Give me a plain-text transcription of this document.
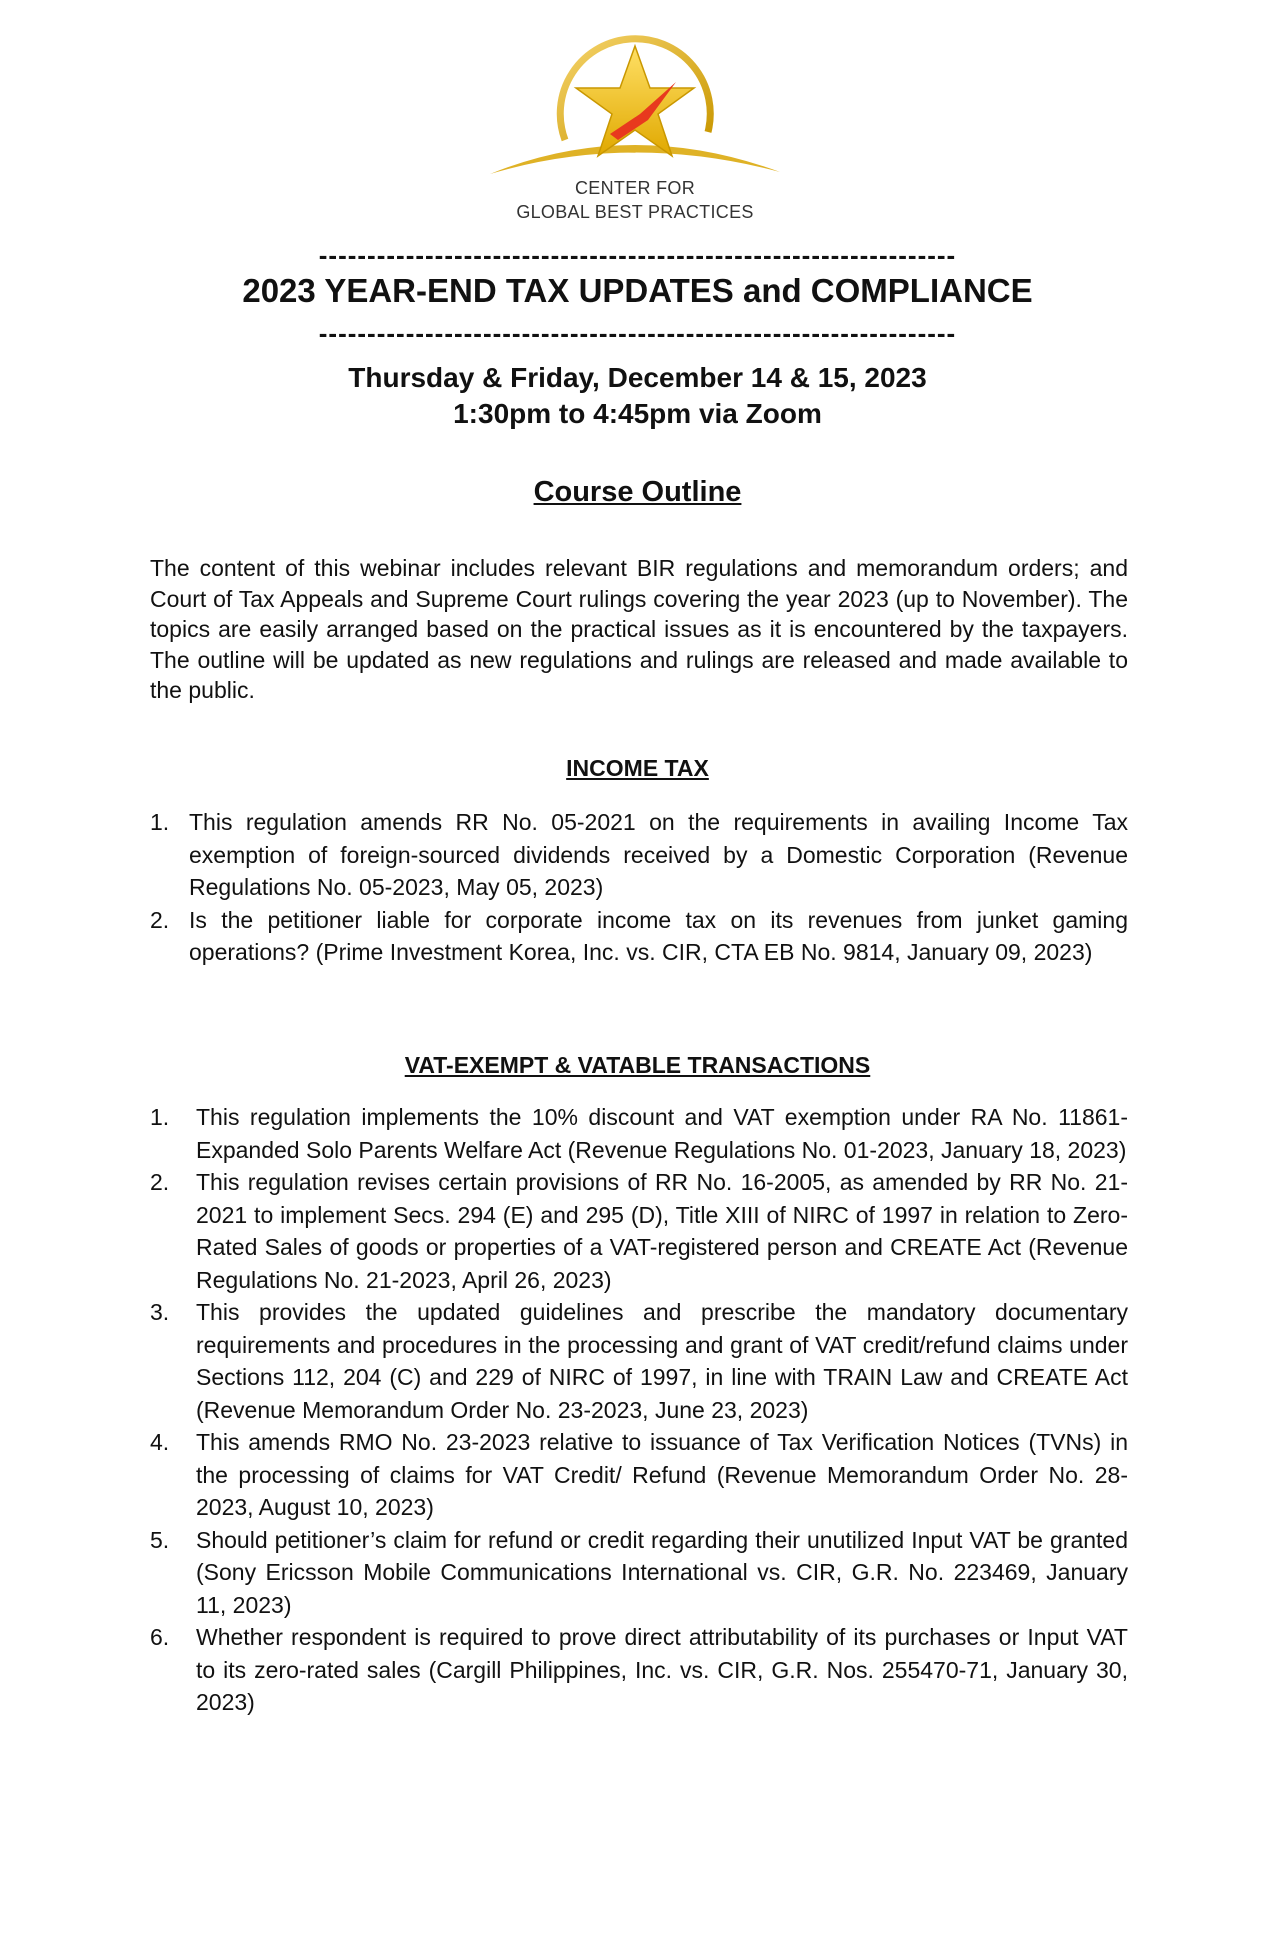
CENTER FOR
GLOBAL BEST PRACTICES
------------------------------------------------------------------
2023 YEAR-END TAX UPDATES and COMPLIANCE
------------------------------------------------------------------
Thursday & Friday, December 14 & 15, 2023
1:30pm to 4:45pm via Zoom
Course Outline

The content of this webinar includes relevant BIR regulations and memorandum orders; and Court of Tax Appeals and Supreme Court rulings covering the year 2023 (up to November). The topics are easily arranged based on the practical issues as it is encountered by the taxpayers. The outline will be updated as new regulations and rulings are released and made available to the public.

INCOME TAX
1. This regulation amends RR No. 05-2021 on the requirements in availing Income Tax exemption of foreign-sourced dividends received by a Domestic Corporation (Revenue Regulations No. 05-2023, May 05, 2023)
2. Is the petitioner liable for corporate income tax on its revenues from junket gaming operations? (Prime Investment Korea, Inc. vs. CIR, CTA EB No. 9814, January 09, 2023)
VAT-EXEMPT & VATABLE TRANSACTIONS
1. This regulation implements the 10% discount and VAT exemption under RA No. 11861-Expanded Solo Parents Welfare Act (Revenue Regulations No. 01-2023, January 18, 2023)
2. This regulation revises certain provisions of RR No. 16-2005, as amended by RR No. 21-2021 to implement Secs. 294 (E) and 295 (D), Title XIII of NIRC of 1997 in relation to Zero-Rated Sales of goods or properties of a VAT-registered person and CREATE Act (Revenue Regulations No. 21-2023, April 26, 2023)
3. This provides the updated guidelines and prescribe the mandatory documentary requirements and procedures in the processing and grant of VAT credit/refund claims under Sections 112, 204 (C) and 229 of NIRC of 1997, in line with TRAIN Law and CREATE Act (Revenue Memorandum Order No. 23-2023, June 23, 2023)
4. This amends RMO No. 23-2023 relative to issuance of Tax Verification Notices (TVNs) in the processing of claims for VAT Credit/ Refund (Revenue Memorandum Order No. 28-2023, August 10, 2023)
5. Should petitioner’s claim for refund or credit regarding their unutilized Input VAT be granted (Sony Ericsson Mobile Communications International vs. CIR, G.R. No. 223469, January 11, 2023)
6. Whether respondent is required to prove direct attributability of its purchases or Input VAT to its zero-rated sales (Cargill Philippines, Inc. vs. CIR, G.R. Nos. 255470-71, January 30, 2023)
